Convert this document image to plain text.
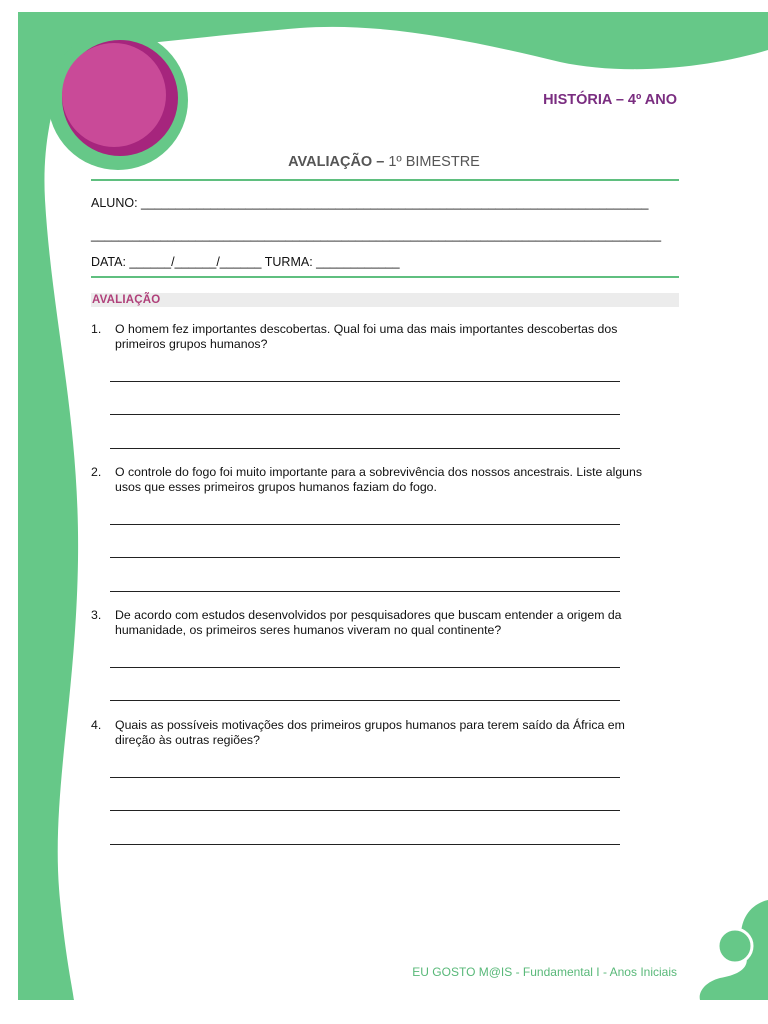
HISTÓRIA – 4º ANO
AVALIAÇÃO – 1º BIMESTRE
ALUNO: _________________________________________________________________________
__________________________________________________________________________________
DATA: ______/______/______ TURMA: ____________
AVALIAÇÃO
1.	O homem fez importantes descobertas. Qual foi uma das mais importantes descobertas dos primeiros grupos humanos?
2.	O controle do fogo foi muito importante para a sobrevivência dos nossos ancestrais. Liste alguns usos que esses primeiros grupos humanos faziam do fogo.
3.	De acordo com estudos desenvolvidos por pesquisadores que buscam entender a origem da humanidade, os primeiros seres humanos viveram no qual continente?
4.	Quais as possíveis motivações dos primeiros grupos humanos para terem saído da África em direção às outras regiões?
EU GOSTO M@IS - Fundamental I - Anos Iniciais
